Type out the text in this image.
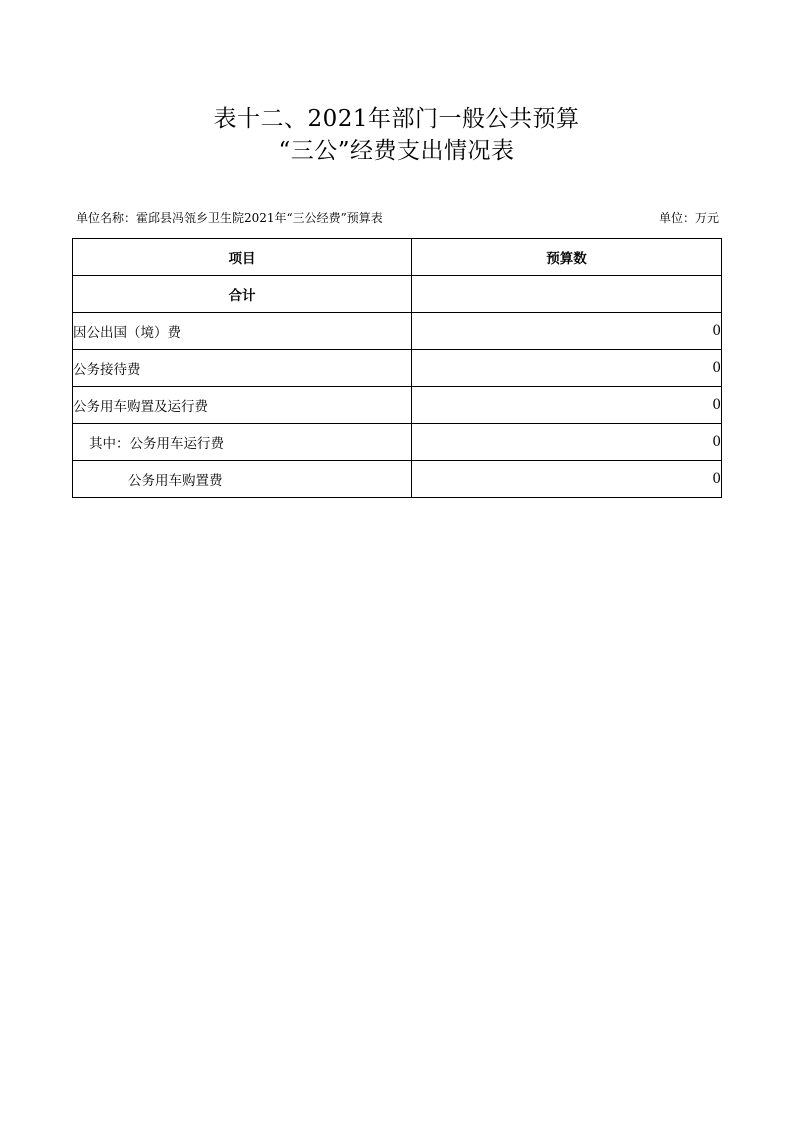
表十二、2021年部门一般公共预算
“三公”经费支出情况表
单位名称：霍邱县冯瓴乡卫生院2021年“三公经费”预算表	单位：万元
项目	预算数
合计	
因公出国（境）费	0
公务接待费	0
公务用车购置及运行费	0
其中：公务用车运行费	0
公务用车购置费	0
